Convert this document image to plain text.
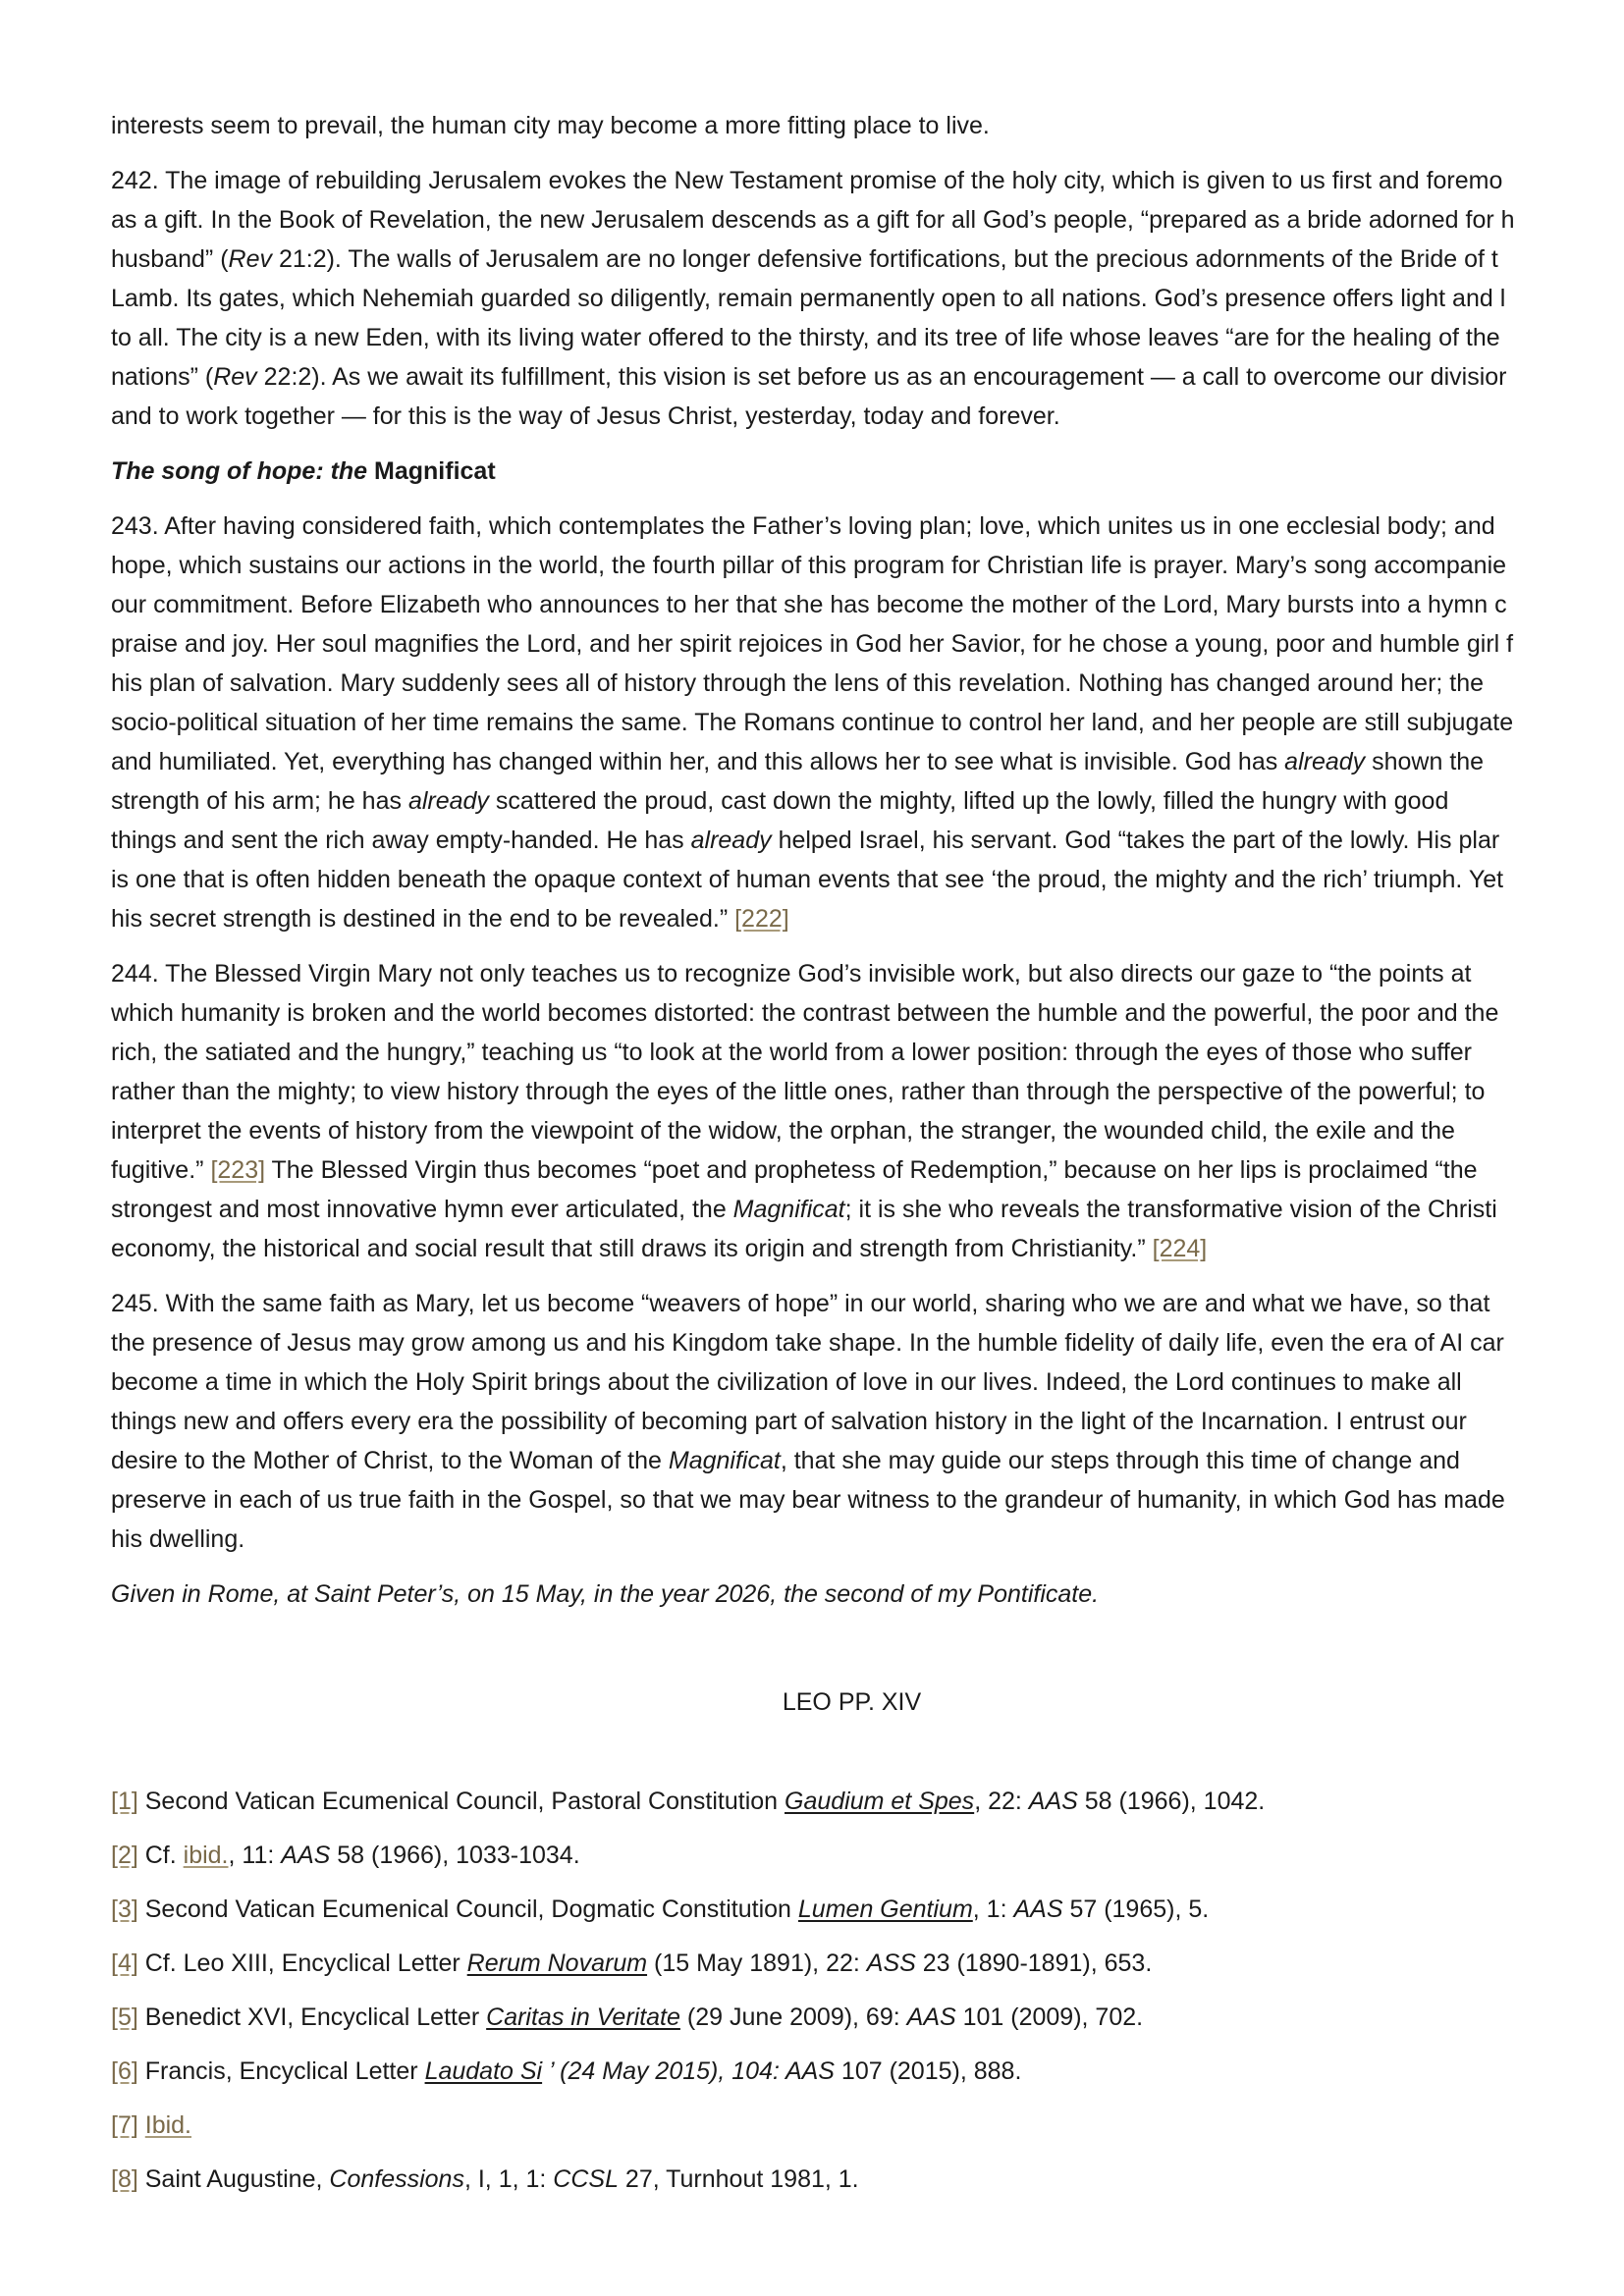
interests seem to prevail, the human city may become a more fitting place to live.

242. The image of rebuilding Jerusalem evokes the New Testament promise of the holy city, which is given to us first and foremo
as a gift. In the Book of Revelation, the new Jerusalem descends as a gift for all God’s people, “prepared as a bride adorned for h
husband” (Rev 21:2). The walls of Jerusalem are no longer defensive fortifications, but the precious adornments of the Bride of t
Lamb. Its gates, which Nehemiah guarded so diligently, remain permanently open to all nations. God’s presence offers light and l
to all. The city is a new Eden, with its living water offered to the thirsty, and its tree of life whose leaves “are for the healing of the
nations” (Rev 22:2). As we await its fulfillment, this vision is set before us as an encouragement — a call to overcome our divisior
and to work together — for this is the way of Jesus Christ, yesterday, today and forever.

The song of hope: the Magnificat

243. After having considered faith, which contemplates the Father’s loving plan; love, which unites us in one ecclesial body; and
hope, which sustains our actions in the world, the fourth pillar of this program for Christian life is prayer. Mary’s song accompanie
our commitment. Before Elizabeth who announces to her that she has become the mother of the Lord, Mary bursts into a hymn c
praise and joy. Her soul magnifies the Lord, and her spirit rejoices in God her Savior, for he chose a young, poor and humble girl f
his plan of salvation. Mary suddenly sees all of history through the lens of this revelation. Nothing has changed around her; the
socio-political situation of her time remains the same. The Romans continue to control her land, and her people are still subjugate
and humiliated. Yet, everything has changed within her, and this allows her to see what is invisible. God has already shown the
strength of his arm; he has already scattered the proud, cast down the mighty, lifted up the lowly, filled the hungry with good
things and sent the rich away empty-handed. He has already helped Israel, his servant. God “takes the part of the lowly. His plar
is one that is often hidden beneath the opaque context of human events that see ‘the proud, the mighty and the rich’ triumph. Yet
his secret strength is destined in the end to be revealed.” [222]

244. The Blessed Virgin Mary not only teaches us to recognize God’s invisible work, but also directs our gaze to “the points at
which humanity is broken and the world becomes distorted: the contrast between the humble and the powerful, the poor and the
rich, the satiated and the hungry,” teaching us “to look at the world from a lower position: through the eyes of those who suffer
rather than the mighty; to view history through the eyes of the little ones, rather than through the perspective of the powerful; to
interpret the events of history from the viewpoint of the widow, the orphan, the stranger, the wounded child, the exile and the
fugitive.” [223] The Blessed Virgin thus becomes “poet and prophetess of Redemption,” because on her lips is proclaimed “the
strongest and most innovative hymn ever articulated, the Magnificat; it is she who reveals the transformative vision of the Christi
economy, the historical and social result that still draws its origin and strength from Christianity.” [224]

245. With the same faith as Mary, let us become “weavers of hope” in our world, sharing who we are and what we have, so that
the presence of Jesus may grow among us and his Kingdom take shape. In the humble fidelity of daily life, even the era of AI car
become a time in which the Holy Spirit brings about the civilization of love in our lives. Indeed, the Lord continues to make all
things new and offers every era the possibility of becoming part of salvation history in the light of the Incarnation. I entrust our
desire to the Mother of Christ, to the Woman of the Magnificat, that she may guide our steps through this time of change and
preserve in each of us true faith in the Gospel, so that we may bear witness to the grandeur of humanity, in which God has made
his dwelling.

Given in Rome, at Saint Peter’s, on 15 May, in the year 2026, the second of my Pontificate.

LEO PP. XIV

[1] Second Vatican Ecumenical Council, Pastoral Constitution Gaudium et Spes, 22: AAS 58 (1966), 1042.

[2] Cf. ibid., 11: AAS 58 (1966), 1033-1034.

[3] Second Vatican Ecumenical Council, Dogmatic Constitution Lumen Gentium, 1: AAS 57 (1965), 5.

[4] Cf. Leo XIII, Encyclical Letter Rerum Novarum (15 May 1891), 22: ASS 23 (1890-1891), 653.

[5] Benedict XVI, Encyclical Letter Caritas in Veritate (29 June 2009), 69: AAS 101 (2009), 702.

[6] Francis, Encyclical Letter Laudato Si ’ (24 May 2015), 104: AAS 107 (2015), 888.

[7] Ibid.

[8] Saint Augustine, Confessions, I, 1, 1: CCSL 27, Turnhout 1981, 1.
